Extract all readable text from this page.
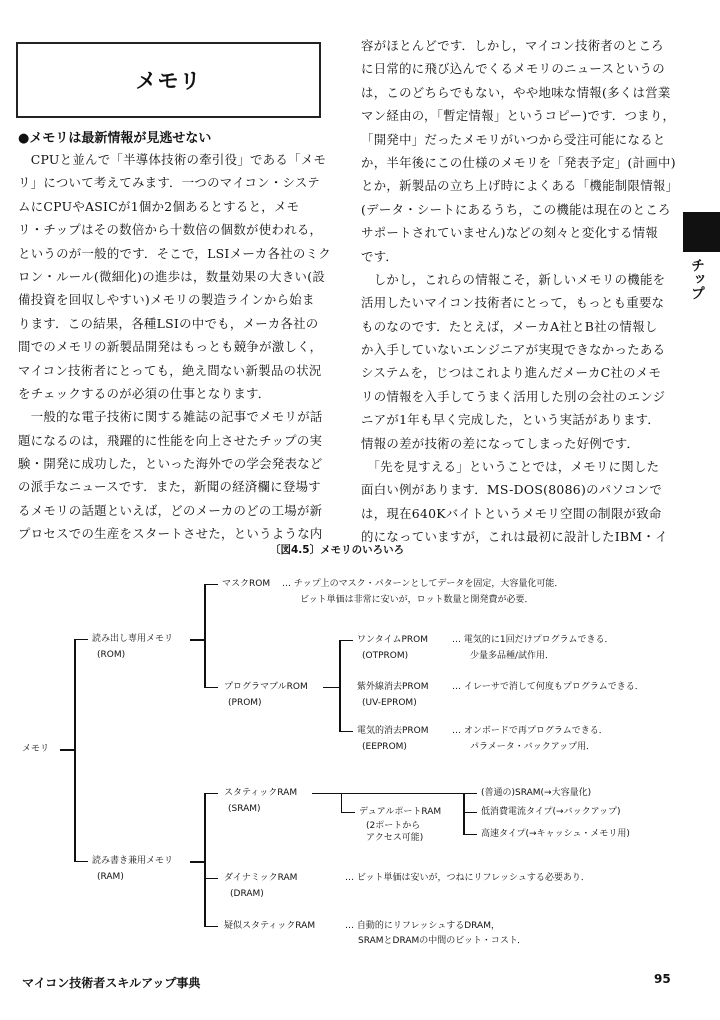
メモリ
●メモリは最新情報が見逃せない
　CPUと並んで「半導体技術の牽引役」である「メモ
リ」について考えてみます．一つのマイコン・システ
ムにCPUやASICが1個か2個あるとすると，メモ
リ・チップはその数倍から十数倍の個数が使われる，
というのが一般的です．そこで，LSIメーカ各社のミク
ロン・ルール(微細化)の進歩は，数量効果の大きい(設
備投資を回収しやすい)メモリの製造ラインから始ま
ります．この結果，各種LSIの中でも，メーカ各社の
間でのメモリの新製品開発はもっとも競争が激しく，
マイコン技術者にとっても，絶え間ない新製品の状況
をチェックするのが必須の仕事となります．
　一般的な電子技術に関する雑誌の記事でメモリが話
題になるのは，飛躍的に性能を向上させたチップの実
験・開発に成功した，といった海外での学会発表など
の派手なニュースです．また，新聞の経済欄に登場す
るメモリの話題といえば，どのメーカのどの工場が新
プロセスでの生産をスタートさせた，というような内
容がほとんどです．しかし，マイコン技術者のところ
に日常的に飛び込んでくるメモリのニュースというの
は，このどちらでもない，やや地味な情報(多くは営業
マン経由の，「暫定情報」というコピー)です．つまり，
「開発中」だったメモリがいつから受注可能になると
か，半年後にこの仕様のメモリを「発表予定」(計画中)
とか，新製品の立ち上げ時によくある「機能制限情報」
(データ・シートにあるうち，この機能は現在のところ
サポートされていません)などの刻々と変化する情報
です．
　しかし，これらの情報こそ，新しいメモリの機能を
活用したいマイコン技術者にとって，もっとも重要な
ものなのです．たとえば，メーカA社とB社の情報し
か入手していないエンジニアが実現できなかったある
システムを，じつはこれより進んだメーカC社のメモ
リの情報を入手してうまく活用した別の会社のエンジ
ニアが1年も早く完成した，という実話があります．
情報の差が技術の差になってしまった好例です．
　「先を見すえる」ということでは，メモリに関した
面白い例があります．MS-DOS(8086)のパソコンで
は，現在640Kバイトというメモリ空間の制限が致命
的になっていますが，これは最初に設計したIBM・イ
チップ
〔図4.5〕メモリのいろいろ
メモリ
読み出し専用メモリ
(ROM)
マスクROM … チップ上のマスク・パターンとしてデータを固定，大容量化可能．
ビット単価は非常に安いが，ロット数量と開発費が必要．
プログラマブルROM
(PROM)
ワンタイムPROM
(OTPROM)
… 電気的に1回だけプログラムできる．
少量多品種/試作用．
紫外線消去PROM
(UV-EPROM)
… イレーサで消して何度もプログラムできる．
電気的消去PROM
(EEPROM)
… オンボードで再プログラムできる．
パラメータ・バックアップ用．
読み書き兼用メモリ
(RAM)
スタティックRAM
(SRAM)	デュアルポートRAM
(2ポートから
アクセス可能)
(普通の)SRAM(→大容量化)
低消費電流タイプ(→バックアップ)
高速タイプ(→キャッシュ・メモリ用)
ダイナミックRAM
(DRAM)
… ビット単価は安いが，つねにリフレッシュする必要あり．
疑似スタティックRAM	… 自動的にリフレッシュするDRAM，
SRAMとDRAMの中間のビット・コスト．
マイコン技術者スキルアップ事典	95
